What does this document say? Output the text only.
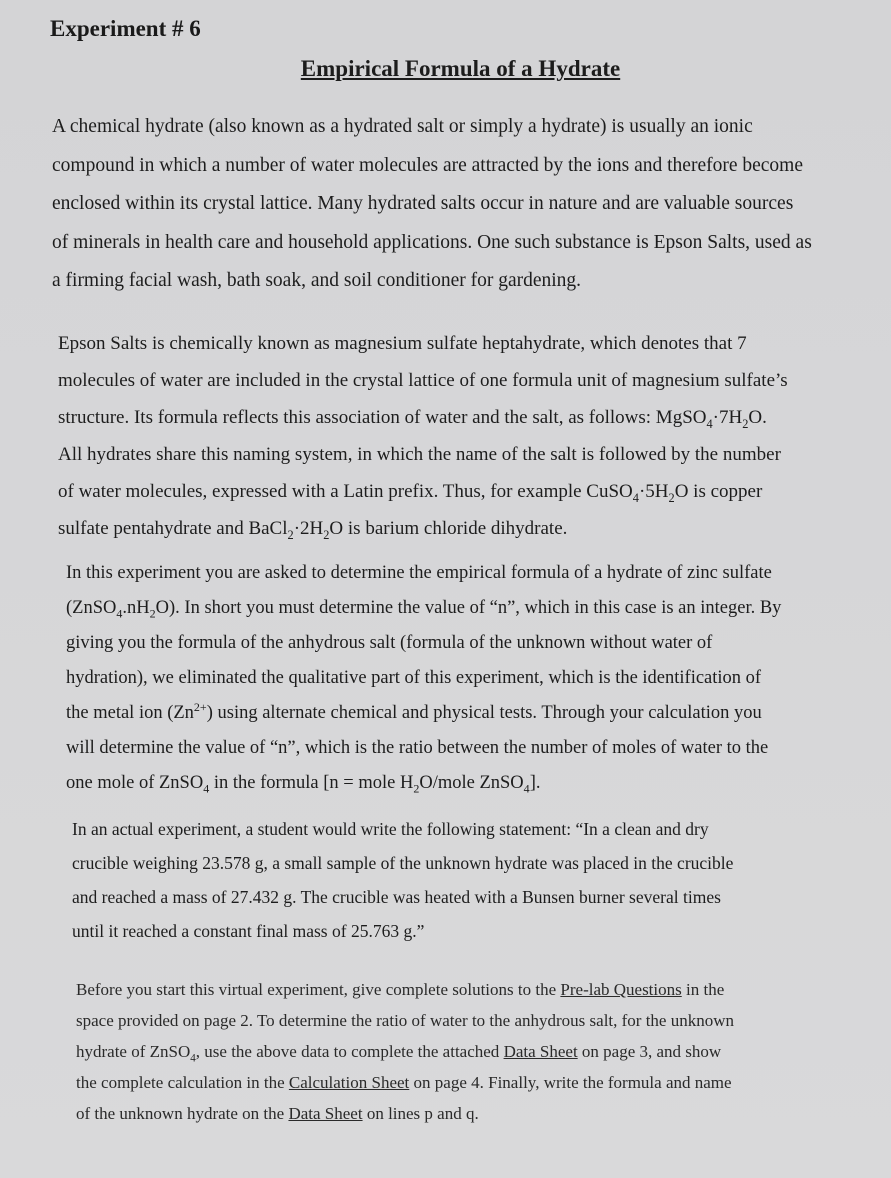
Experiment # 6
Empirical Formula of a Hydrate
A chemical hydrate (also known as a hydrated salt or simply a hydrate) is usually an ionic
compound in which a number of water molecules are attracted by the ions and therefore become
enclosed within its crystal lattice. Many hydrated salts occur in nature and are valuable sources
of minerals in health care and household applications. One such substance is Epson Salts, used as
a firming facial wash, bath soak, and soil conditioner for gardening.
Epson Salts is chemically known as magnesium sulfate heptahydrate, which denotes that 7
molecules of water are included in the crystal lattice of one formula unit of magnesium sulfate’s
structure. Its formula reflects this association of water and the salt, as follows: $MgSO_4\cdot 7H_2O$.
All hydrates share this naming system, in which the name of the salt is followed by the number
of water molecules, expressed with a Latin prefix. Thus, for example $CuSO_4\cdot 5H_2O$ is copper
sulfate pentahydrate and $BaCl_2\cdot 2H_2O$ is barium chloride dihydrate.
In this experiment you are asked to determine the empirical formula of a hydrate of zinc sulfate
$(ZnSO_4.nH_2O)$. In short you must determine the value of “n”, which in this case is an integer. By
giving you the formula of the anhydrous salt (formula of the unknown without water of
hydration), we eliminated the qualitative part of this experiment, which is the identification of
the metal ion $(Zn^{2+})$ using alternate chemical and physical tests. Through your calculation you
will determine the value of “n”, which is the ratio between the number of moles of water to the
one mole of ZnSO$_4$ in the formula [n = mole $H_2O$/mole ZnSO$_4$].
In an actual experiment, a student would write the following statement: “In a clean and dry
crucible weighing 23.578 g, a small sample of the unknown hydrate was placed in the crucible
and reached a mass of 27.432 g. The crucible was heated with a Bunsen burner several times
until it reached a constant final mass of 25.763 g.”
Before you start this virtual experiment, give complete solutions to the Pre-lab Questions in the
space provided on page 2. To determine the ratio of water to the anhydrous salt, for the unknown
hydrate of ZnSO$_4$, use the above data to complete the attached Data Sheet on page 3, and show
the complete calculation in the Calculation Sheet on page 4. Finally, write the formula and name
of the unknown hydrate on the Data Sheet on lines p and q.
